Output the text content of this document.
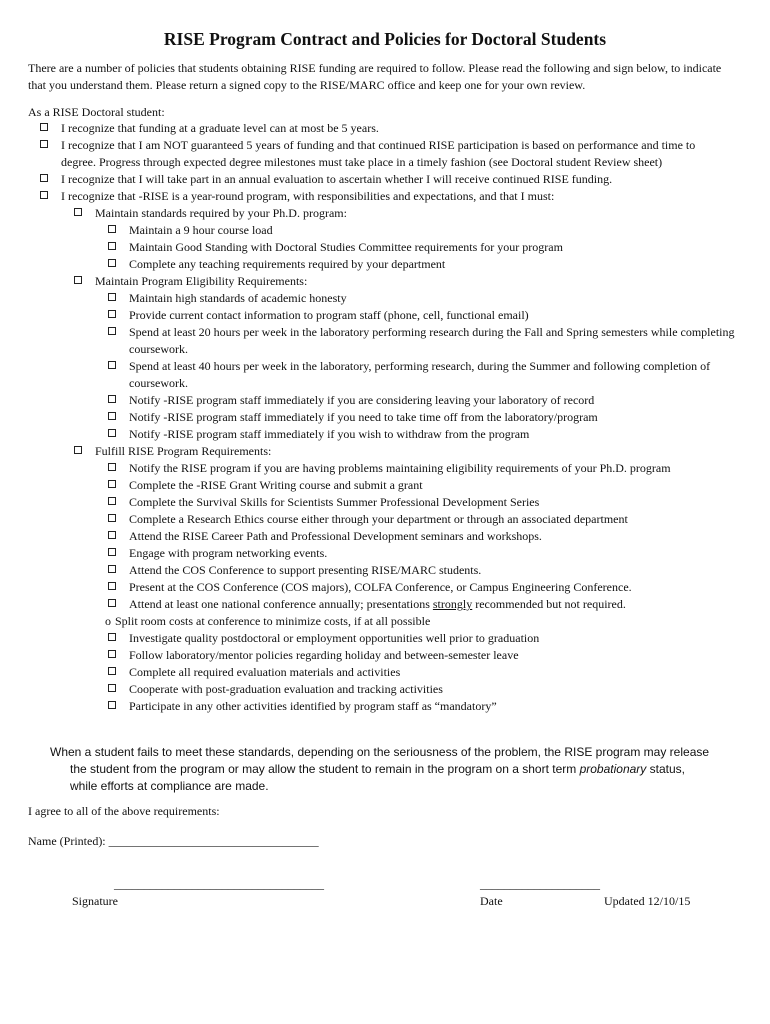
RISE Program Contract and Policies for Doctoral Students
There are a number of policies that students obtaining RISE funding are required to follow. Please read the following and sign below, to indicate that you understand them. Please return a signed copy to the RISE/MARC office and keep one for your own review.
As a RISE Doctoral student:
I recognize that funding at a graduate level can at most be 5 years.
I recognize that I am NOT guaranteed 5 years of funding and that continued RISE participation is based on performance and time to degree. Progress through expected degree milestones must take place in a timely fashion (see Doctoral student Review sheet)
I recognize that I will take part in an annual evaluation to ascertain whether I will receive continued RISE funding.
I recognize that -RISE is a year-round program, with responsibilities and expectations, and that I must:
Maintain standards required by your Ph.D. program:
Maintain a 9 hour course load
Maintain Good Standing with Doctoral Studies Committee requirements for your program
Complete any teaching requirements required by your department
Maintain Program Eligibility Requirements:
Maintain high standards of academic honesty
Provide current contact information to program staff (phone, cell, functional email)
Spend at least 20 hours per week in the laboratory performing research during the Fall and Spring semesters while completing coursework.
Spend at least 40 hours per week in the laboratory, performing research, during the Summer and following completion of coursework.
Notify -RISE program staff immediately if you are considering leaving your laboratory of record
Notify -RISE program staff immediately if you need to take time off from the laboratory/program
Notify -RISE program staff immediately if you wish to withdraw from the program
Fulfill RISE Program Requirements:
Notify the RISE program if you are having problems maintaining eligibility requirements of your Ph.D. program
Complete the -RISE Grant Writing course and submit a grant
Complete the Survival Skills for Scientists Summer Professional Development Series
Complete a Research Ethics course either through your department or through an associated department
Attend the RISE Career Path and Professional Development seminars and workshops.
Engage with program networking events.
Attend the COS Conference to support presenting RISE/MARC students.
Present at the COS Conference (COS majors), COLFA Conference, or Campus Engineering Conference.
Attend at least one national conference annually; presentations strongly recommended but not required.
o Split room costs at conference to minimize costs, if at all possible
Investigate quality postdoctoral or employment opportunities well prior to graduation
Follow laboratory/mentor policies regarding holiday and between-semester leave
Complete all required evaluation materials and activities
Cooperate with post-graduation evaluation and tracking activities
Participate in any other activities identified by program staff as “mandatory”
When a student fails to meet these standards, depending on the seriousness of the problem, the RISE program may release
the student from the program or may allow the student to remain in the program on a short term probationary status,
while efforts at compliance are made.
I agree to all of the above requirements:
Name (Printed): ___________________________________
___________________________________
Signature
____________________
Date	Updated 12/10/15
